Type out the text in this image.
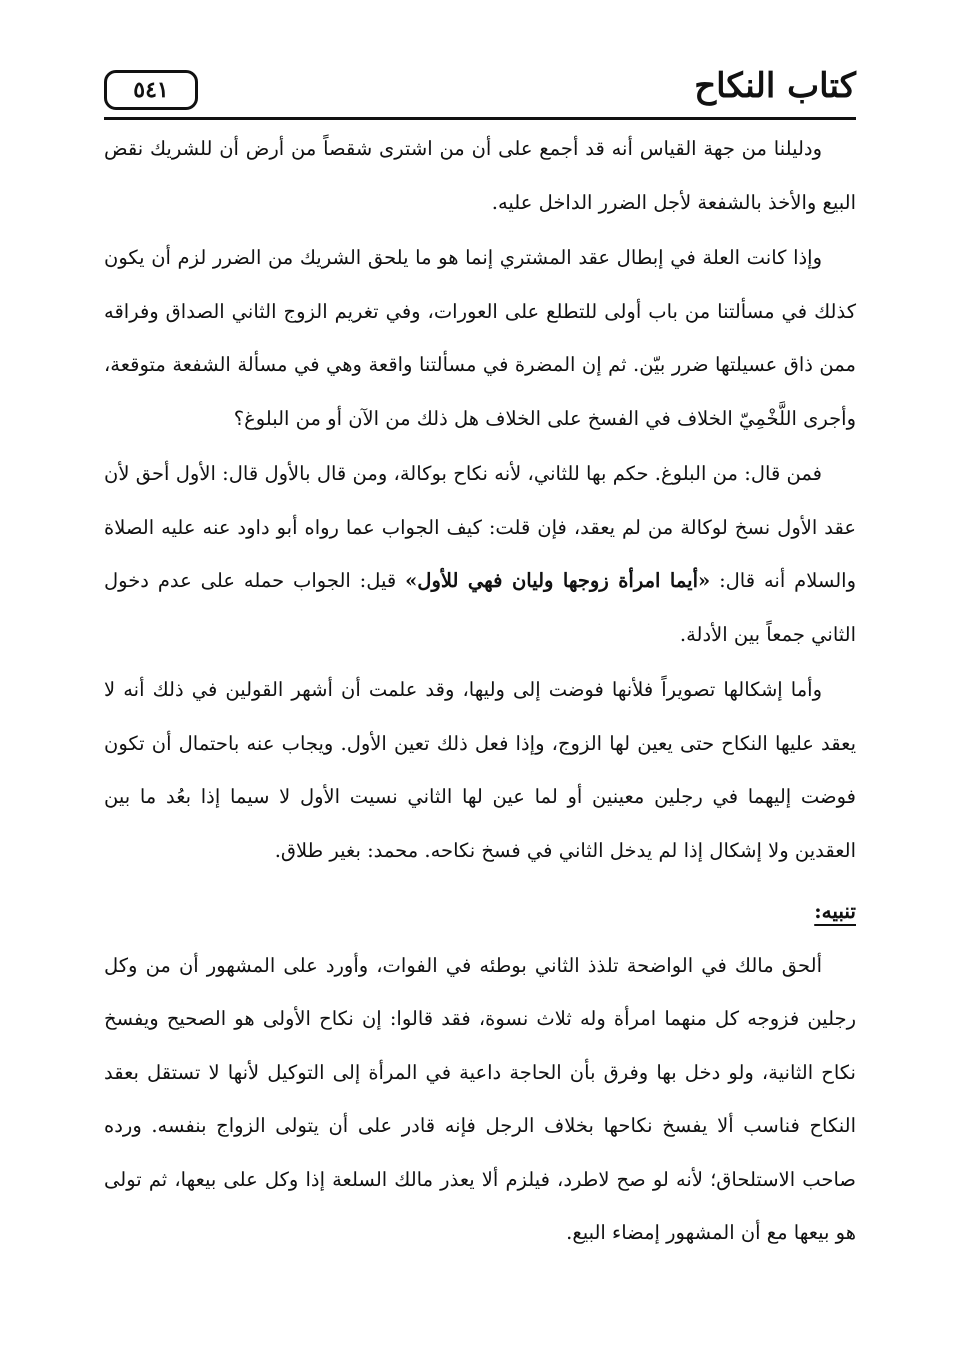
٥٤١	كتاب النكاح

ودليلنا من جهة القياس أنه قد أجمع على أن من اشترى شقصاً من أرض أن للشريك نقض البيع والأخذ بالشفعة لأجل الضرر الداخل عليه.

وإذا كانت العلة في إبطال عقد المشتري إنما هو ما يلحق الشريك من الضرر لزم أن يكون كذلك في مسألتنا من باب أولى للتطلع على العورات، وفي تغريم الزوج الثاني الصداق وفراقه ممن ذاق عسيلتها ضرر بيّن. ثم إن المضرة في مسألتنا واقعة وهي في مسألة الشفعة متوقعة، وأجرى اللَّخْمِيّ الخلاف في الفسخ على الخلاف هل ذلك من الآن أو من البلوغ؟

فمن قال: من البلوغ. حكم بها للثاني، لأنه نكاح بوكالة، ومن قال بالأول قال: الأول أحق لأن عقد الأول نسخ لوكالة من لم يعقد، فإن قلت: كيف الجواب عما رواه أبو داود عنه عليه الصلاة والسلام أنه قال: «أيما امرأة زوجها وليان فهي للأول» قيل: الجواب حمله على عدم دخول الثاني جمعاً بين الأدلة.

وأما إشكالها تصويراً فلأنها فوضت إلى وليها، وقد علمت أن أشهر القولين في ذلك أنه لا يعقد عليها النكاح حتى يعين لها الزوج، وإذا فعل ذلك تعين الأول. ويجاب عنه باحتمال أن تكون فوضت إليهما في رجلين معينين أو لما عين لها الثاني نسيت الأول لا سيما إذا بعُد ما بين العقدين ولا إشكال إذا لم يدخل الثاني في فسخ نكاحه. محمد: بغير طلاق.

تنبيه:

ألحق مالك في الواضحة تلذذ الثاني بوطئه في الفوات، وأورد على المشهور أن من وكل رجلين فزوجه كل منهما امرأة وله ثلاث نسوة، فقد قالوا: إن نكاح الأولى هو الصحيح ويفسخ نكاح الثانية، ولو دخل بها وفرق بأن الحاجة داعية في المرأة إلى التوكيل لأنها لا تستقل بعقد النكاح فناسب ألا يفسخ نكاحها بخلاف الرجل فإنه قادر على أن يتولى الزواج بنفسه. ورده صاحب الاستلحاق؛ لأنه لو صح لاطرد، فيلزم ألا يعذر مالك السلعة إذا وكل على بيعها، ثم تولى هو بيعها مع أن المشهور إمضاء البيع.
